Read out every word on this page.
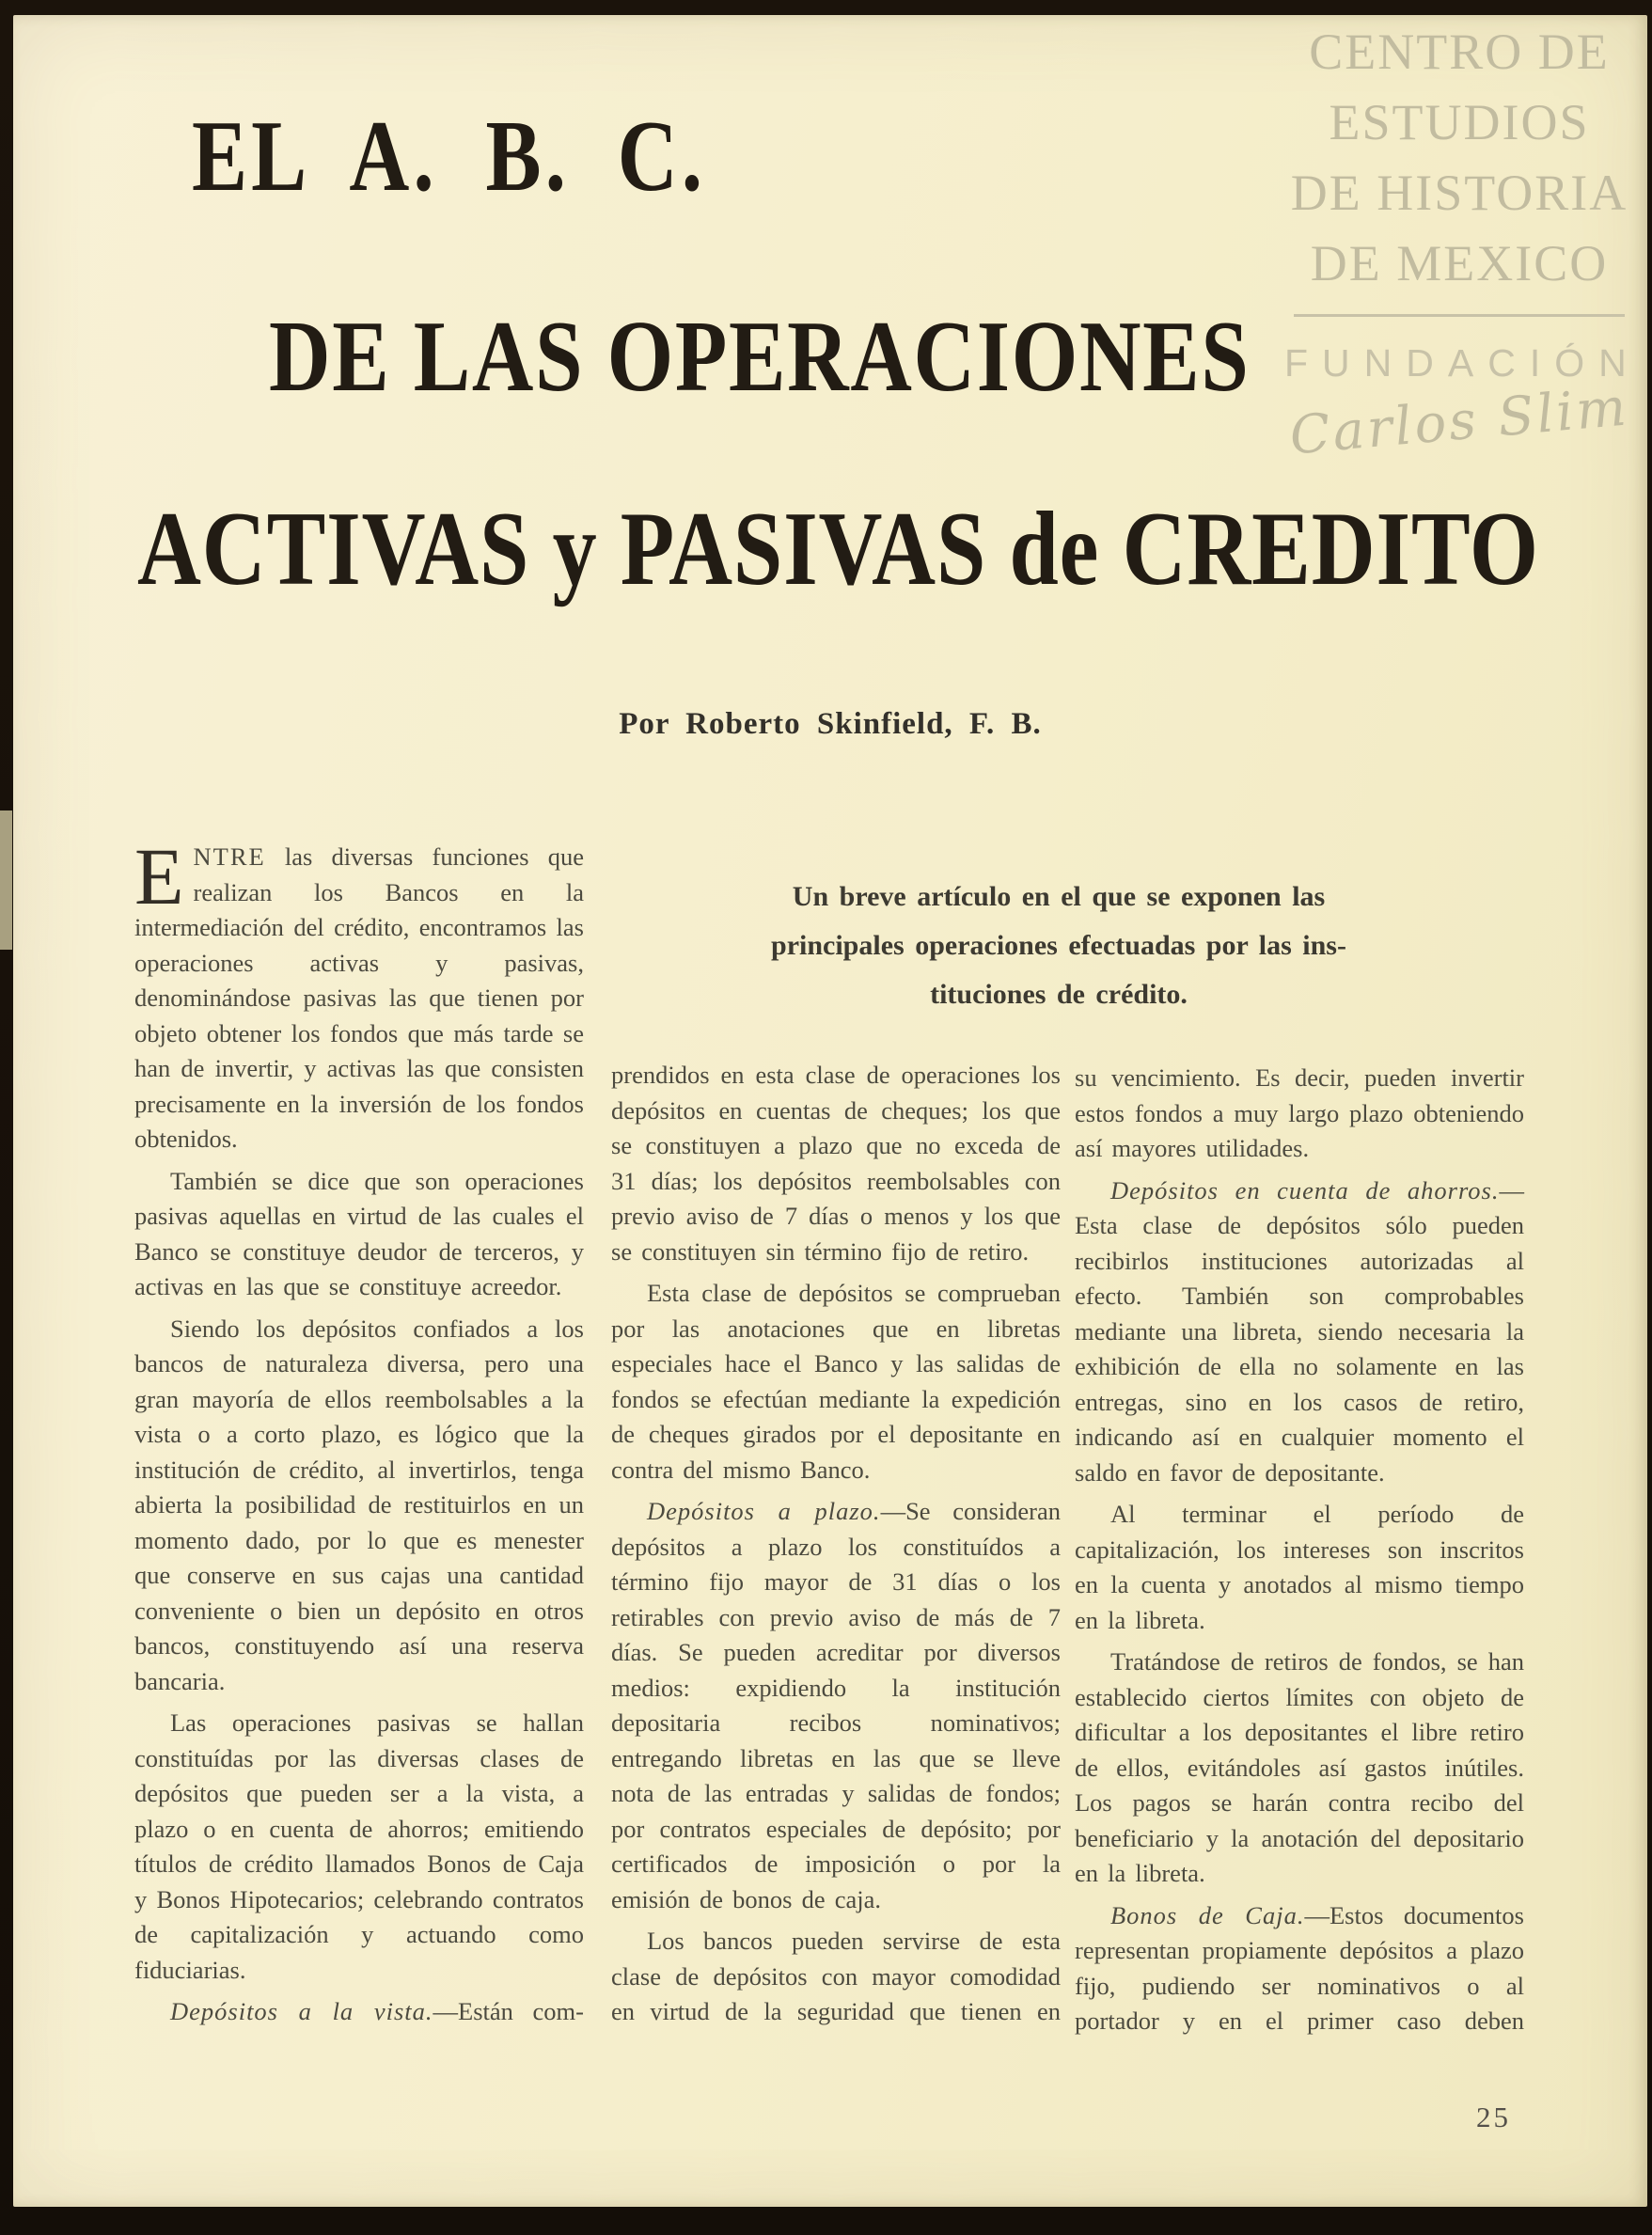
CENTRO DE
ESTUDIOS
DE HISTORIA
DE MEXICO
FUNDACIÓN
Carlos Slim
EL A. B. C.
DE LAS OPERACIONES
ACTIVAS y PASIVAS de CREDITO
Por Roberto Skinfield, F. B.
Un breve artículo en el que se exponen las
principales operaciones efectuadas por las ins-
tituciones de crédito.

ENTRE las diversas funciones que realizan los Bancos en la intermediación del crédito, encontramos las operaciones activas y pasivas, denominándose pasivas las que tienen por objeto obtener los fondos que más tarde se han de invertir, y activas las que consisten precisamente en la inversión de los fondos obtenidos.

También se dice que son operaciones pasivas aquellas en virtud de las cuales el Banco se constituye deudor de terceros, y activas en las que se constituye acreedor.

Siendo los depósitos confiados a los bancos de naturaleza diversa, pero una gran mayoría de ellos reembolsables a la vista o a corto plazo, es lógico que la institución de crédito, al invertirlos, tenga abierta la posibilidad de restituirlos en un momento dado, por lo que es menester que conserve en sus cajas una cantidad conveniente o bien un depósito en otros bancos, constituyendo así una reserva bancaria.

Las operaciones pasivas se hallan constituídas por las diversas clases de depósitos que pueden ser a la vista, a plazo o en cuenta de ahorros; emitiendo títulos de crédito llamados Bonos de Caja y Bonos Hipotecarios; celebrando contratos de capitalización y actuando como fiduciarias.

Depósitos a la vista.—Están com-

prendidos en esta clase de operaciones los depósitos en cuentas de cheques; los que se constituyen a plazo que no exceda de 31 días; los depósitos reembolsables con previo aviso de 7 días o menos y los que se constituyen sin término fijo de retiro.

Esta clase de depósitos se comprueban por las anotaciones que en libretas especiales hace el Banco y las salidas de fondos se efectúan mediante la expedición de cheques girados por el depositante en contra del mismo Banco.

Depósitos a plazo.—Se consideran depósitos a plazo los constituídos a término fijo mayor de 31 días o los retirables con previo aviso de más de 7 días. Se pueden acreditar por diversos medios: expidiendo la institución depositaria recibos nominativos; entregando libretas en las que se lleve nota de las entradas y salidas de fondos; por contratos especiales de depósito; por certificados de imposición o por la emisión de bonos de caja.

Los bancos pueden servirse de esta clase de depósitos con mayor comodidad en virtud de la seguridad que tienen en

su vencimiento. Es decir, pueden invertir estos fondos a muy largo plazo obteniendo así mayores utilidades.

Depósitos en cuenta de ahorros.—Esta clase de depósitos sólo pueden recibirlos instituciones autorizadas al efecto. También son comprobables mediante una libreta, siendo necesaria la exhibición de ella no solamente en las entregas, sino en los casos de retiro, indicando así en cualquier momento el saldo en favor de depositante.

Al terminar el período de capitalización, los intereses son inscritos en la cuenta y anotados al mismo tiempo en la libreta.

Tratándose de retiros de fondos, se han establecido ciertos límites con objeto de dificultar a los depositantes el libre retiro de ellos, evitándoles así gastos inútiles. Los pagos se harán contra recibo del beneficiario y la anotación del depositario en la libreta.

Bonos de Caja.—Estos documentos representan propiamente depósitos a plazo fijo, pudiendo ser nominativos o al portador y en el primer caso deben

25
